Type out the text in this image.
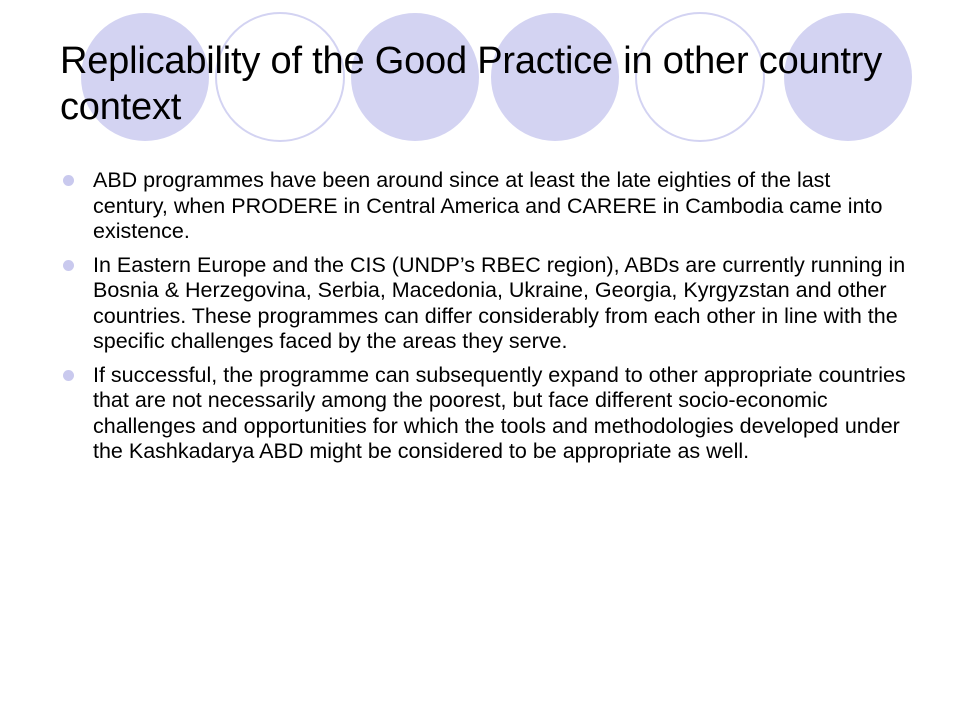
Replicability of the Good Practice in other country context
ABD programmes have been around since at least the late eighties of the last century, when PRODERE in Central America and CARERE in Cambodia came into existence.
In Eastern Europe and the CIS (UNDP’s RBEC region), ABDs are currently running in Bosnia & Herzegovina, Serbia, Macedonia, Ukraine, Georgia, Kyrgyzstan and other countries. These programmes can differ considerably from each other in line with the specific challenges faced by the areas they serve.
If successful, the programme can subsequently expand to other appropriate countries that are not necessarily among the poorest, but face different socio-economic challenges and opportunities for which the tools and methodologies developed under the Kashkadarya ABD might be considered to be appropriate as well.
